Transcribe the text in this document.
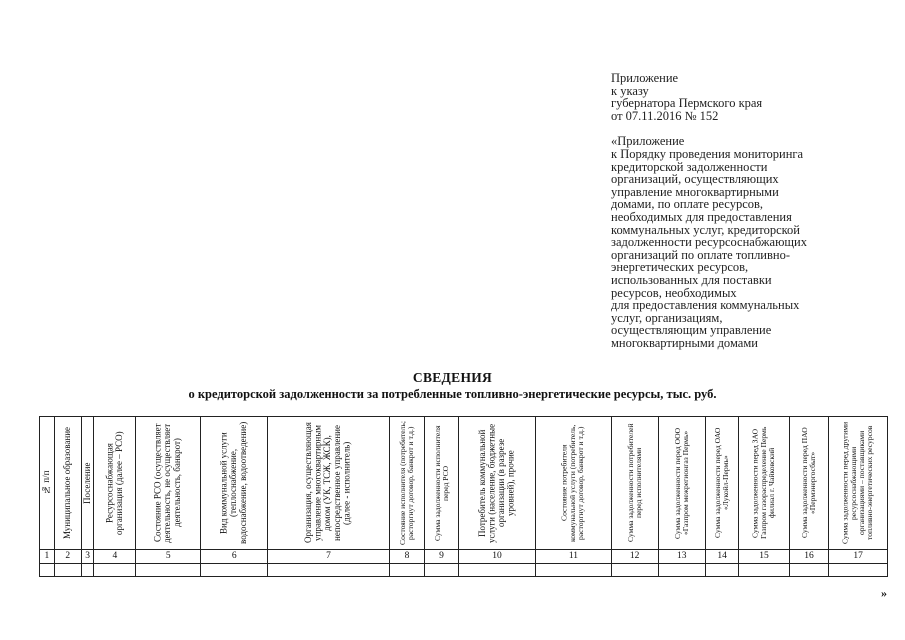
Приложение
к указу
губернатора Пермского края
от 07.11.2016 № 152
«Приложение
к Порядку проведения мониторинга
кредиторской задолженности
организаций, осуществляющих
управление многоквартирными
домами, по оплате ресурсов,
необходимых для предоставления
коммунальных услуг, кредиторской
задолженности ресурсоснабжающих
организаций по оплате топливно-
энергетических ресурсов,
использованных для поставки
ресурсов, необходимых
для предоставления коммунальных
услуг, организациям,
осуществляющим управление
многоквартирными домами
СВЕДЕНИЯ
о кредиторской задолженности за потребленные топливно-энергетические ресурсы, тыс. руб.
№ п/п	Муниципальное образование	Поселение	Ресурсоснабжающая организация (далее – РСО)	Состояние РСО (осуществляет деятельность, не осуществляет деятельность, банкрот)	Вид коммунальной услуги (теплоснабжение, водоснабжение, водоотведение)	Организация, осуществляющая управление многоквартирным домом (УК, ТСЖ, ЖСК), непосредственное управление (далее - исполнитель)	Состояние исполнителя (потребитель; расторгнут договор, банкрот и т.д.)	Сумма задолженности исполнителя перед РСО	Потребитель коммунальной услуги (население, бюджетные организации (в разрезе уровней), прочие	Состояние потребителя коммунальной услуги (потребитель, расторгнут договор, банкрот и т.д.)	Сумма задолженности потребителей перед исполнителями	Сумма задолженности перед ООО «Газпром межрегионгаз Пермь»	Сумма задолженности перед ОАО «Лукойл-Пермь»	Сумма задолженности перед ЗАО Газпром газораспределение Пермь филиал г. Чайковский	Сумма задолженности перед ПАО «Пермэнергосбыт»	Сумма задолженности перед другими ресурсоснабжающими организациями – поставщиками топливно-энергетических ресурсов

1	2	3	4	5	6	7	8	9	10	11	12	13	14	15	16	17

»
